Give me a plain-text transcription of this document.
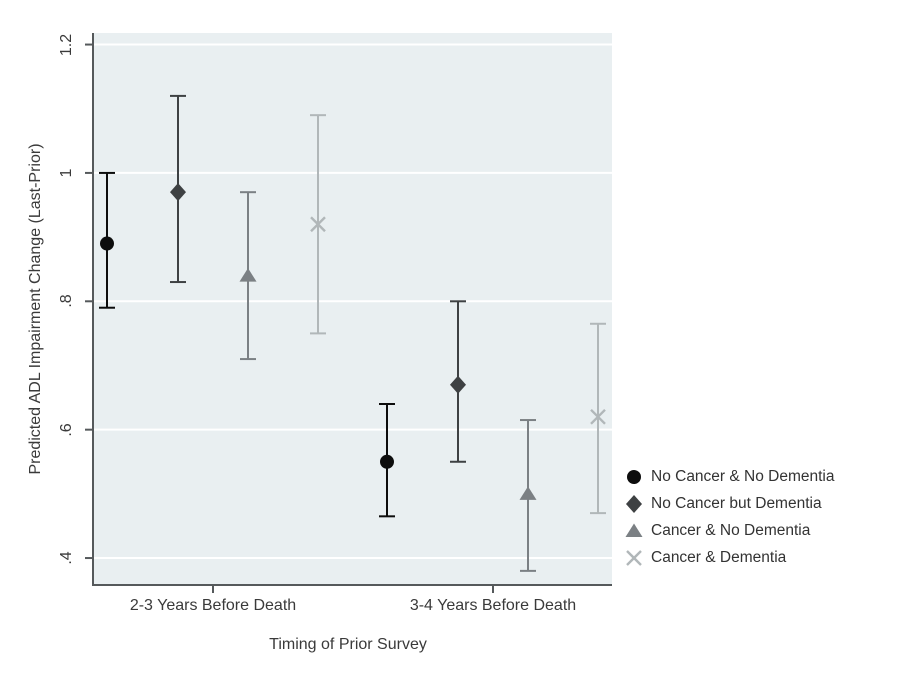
.4
.6
.8
1
1.2
2-3 Years Before Death	3-4 Years Before Death
Predicted ADL Impairment Change (Last-Prior)
Timing of Prior Survey
No Cancer & No Dementia
No Cancer but Dementia
Cancer & No Dementia
Cancer & Dementia
